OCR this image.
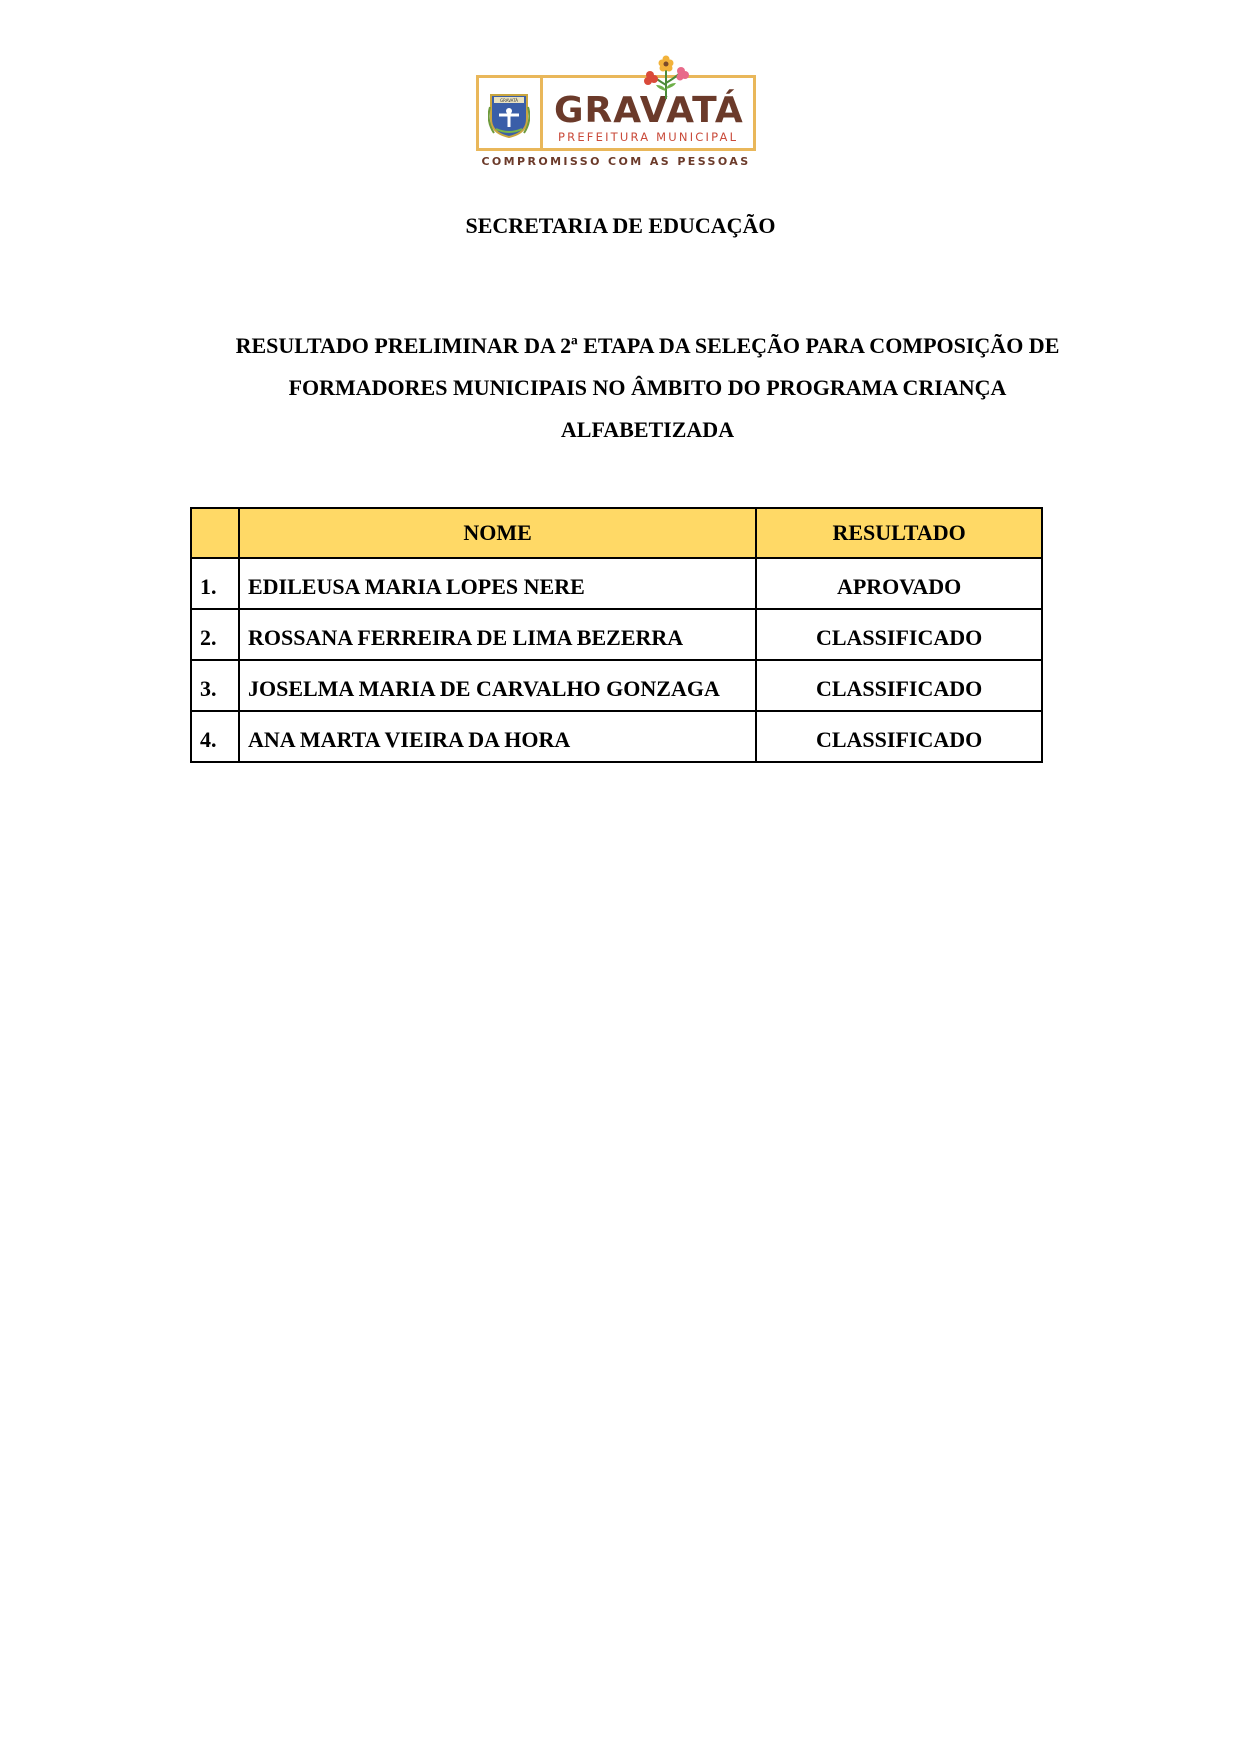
GRAVATÁ GRAVATÁ
PREFEITURA MUNICIPAL
COMPROMISSO COM AS PESSOAS
SECRETARIA DE EDUCAÇÃO
RESULTADO PRELIMINAR DA 2ª ETAPA DA SELEÇÃO PARA COMPOSIÇÃO DE
FORMADORES MUNICIPAIS NO ÂMBITO DO PROGRAMA CRIANÇA
ALFABETIZADA
	NOME	RESULTADO
1.	EDILEUSA MARIA LOPES NERE	APROVADO
2.	ROSSANA FERREIRA DE LIMA BEZERRA	CLASSIFICADO
3.	JOSELMA MARIA DE CARVALHO GONZAGA	CLASSIFICADO
4.	ANA MARTA VIEIRA DA HORA	CLASSIFICADO
